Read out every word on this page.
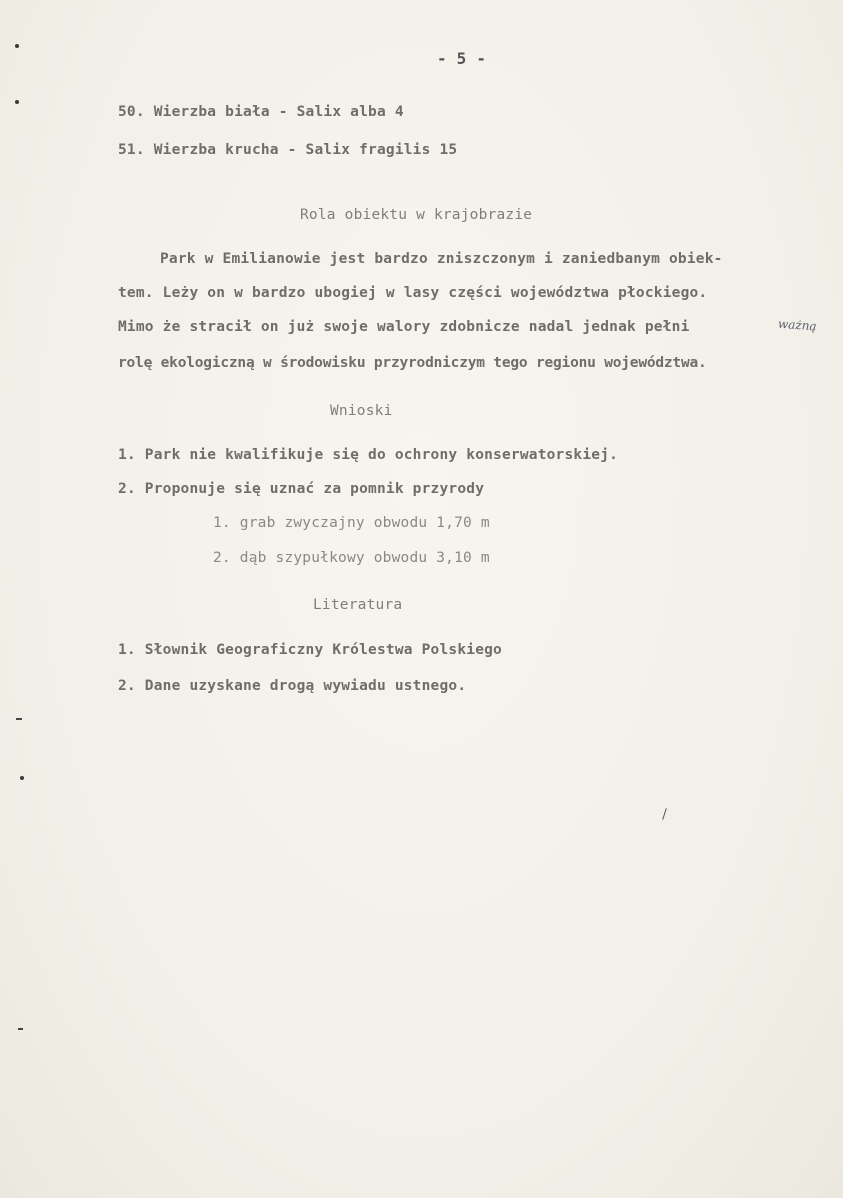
- 5 -
50. Wierzba biała - Salix alba 4
51. Wierzba krucha - Salix fragilis 15
Rola obiektu w krajobrazie
Park w Emilianowie jest bardzo zniszczonym i zaniedbanym obiek-
tem. Leży on w bardzo ubogiej w lasy części województwa płockiego.
Mimo że stracił on już swoje walory zdobnicze nadal jednak pełni	ważną
rolę ekologiczną w środowisku przyrodniczym tego regionu województwa.
Wnioski
1. Park nie kwalifikuje się do ochrony konserwatorskiej.
2. Proponuje się uznać za pomnik przyrody
1. grab zwyczajny obwodu 1,70 m
2. dąb szypułkowy obwodu 3,10 m
Literatura
1. Słownik Geograficzny Królestwa Polskiego
2. Dane uzyskane drogą wywiadu ustnego.
